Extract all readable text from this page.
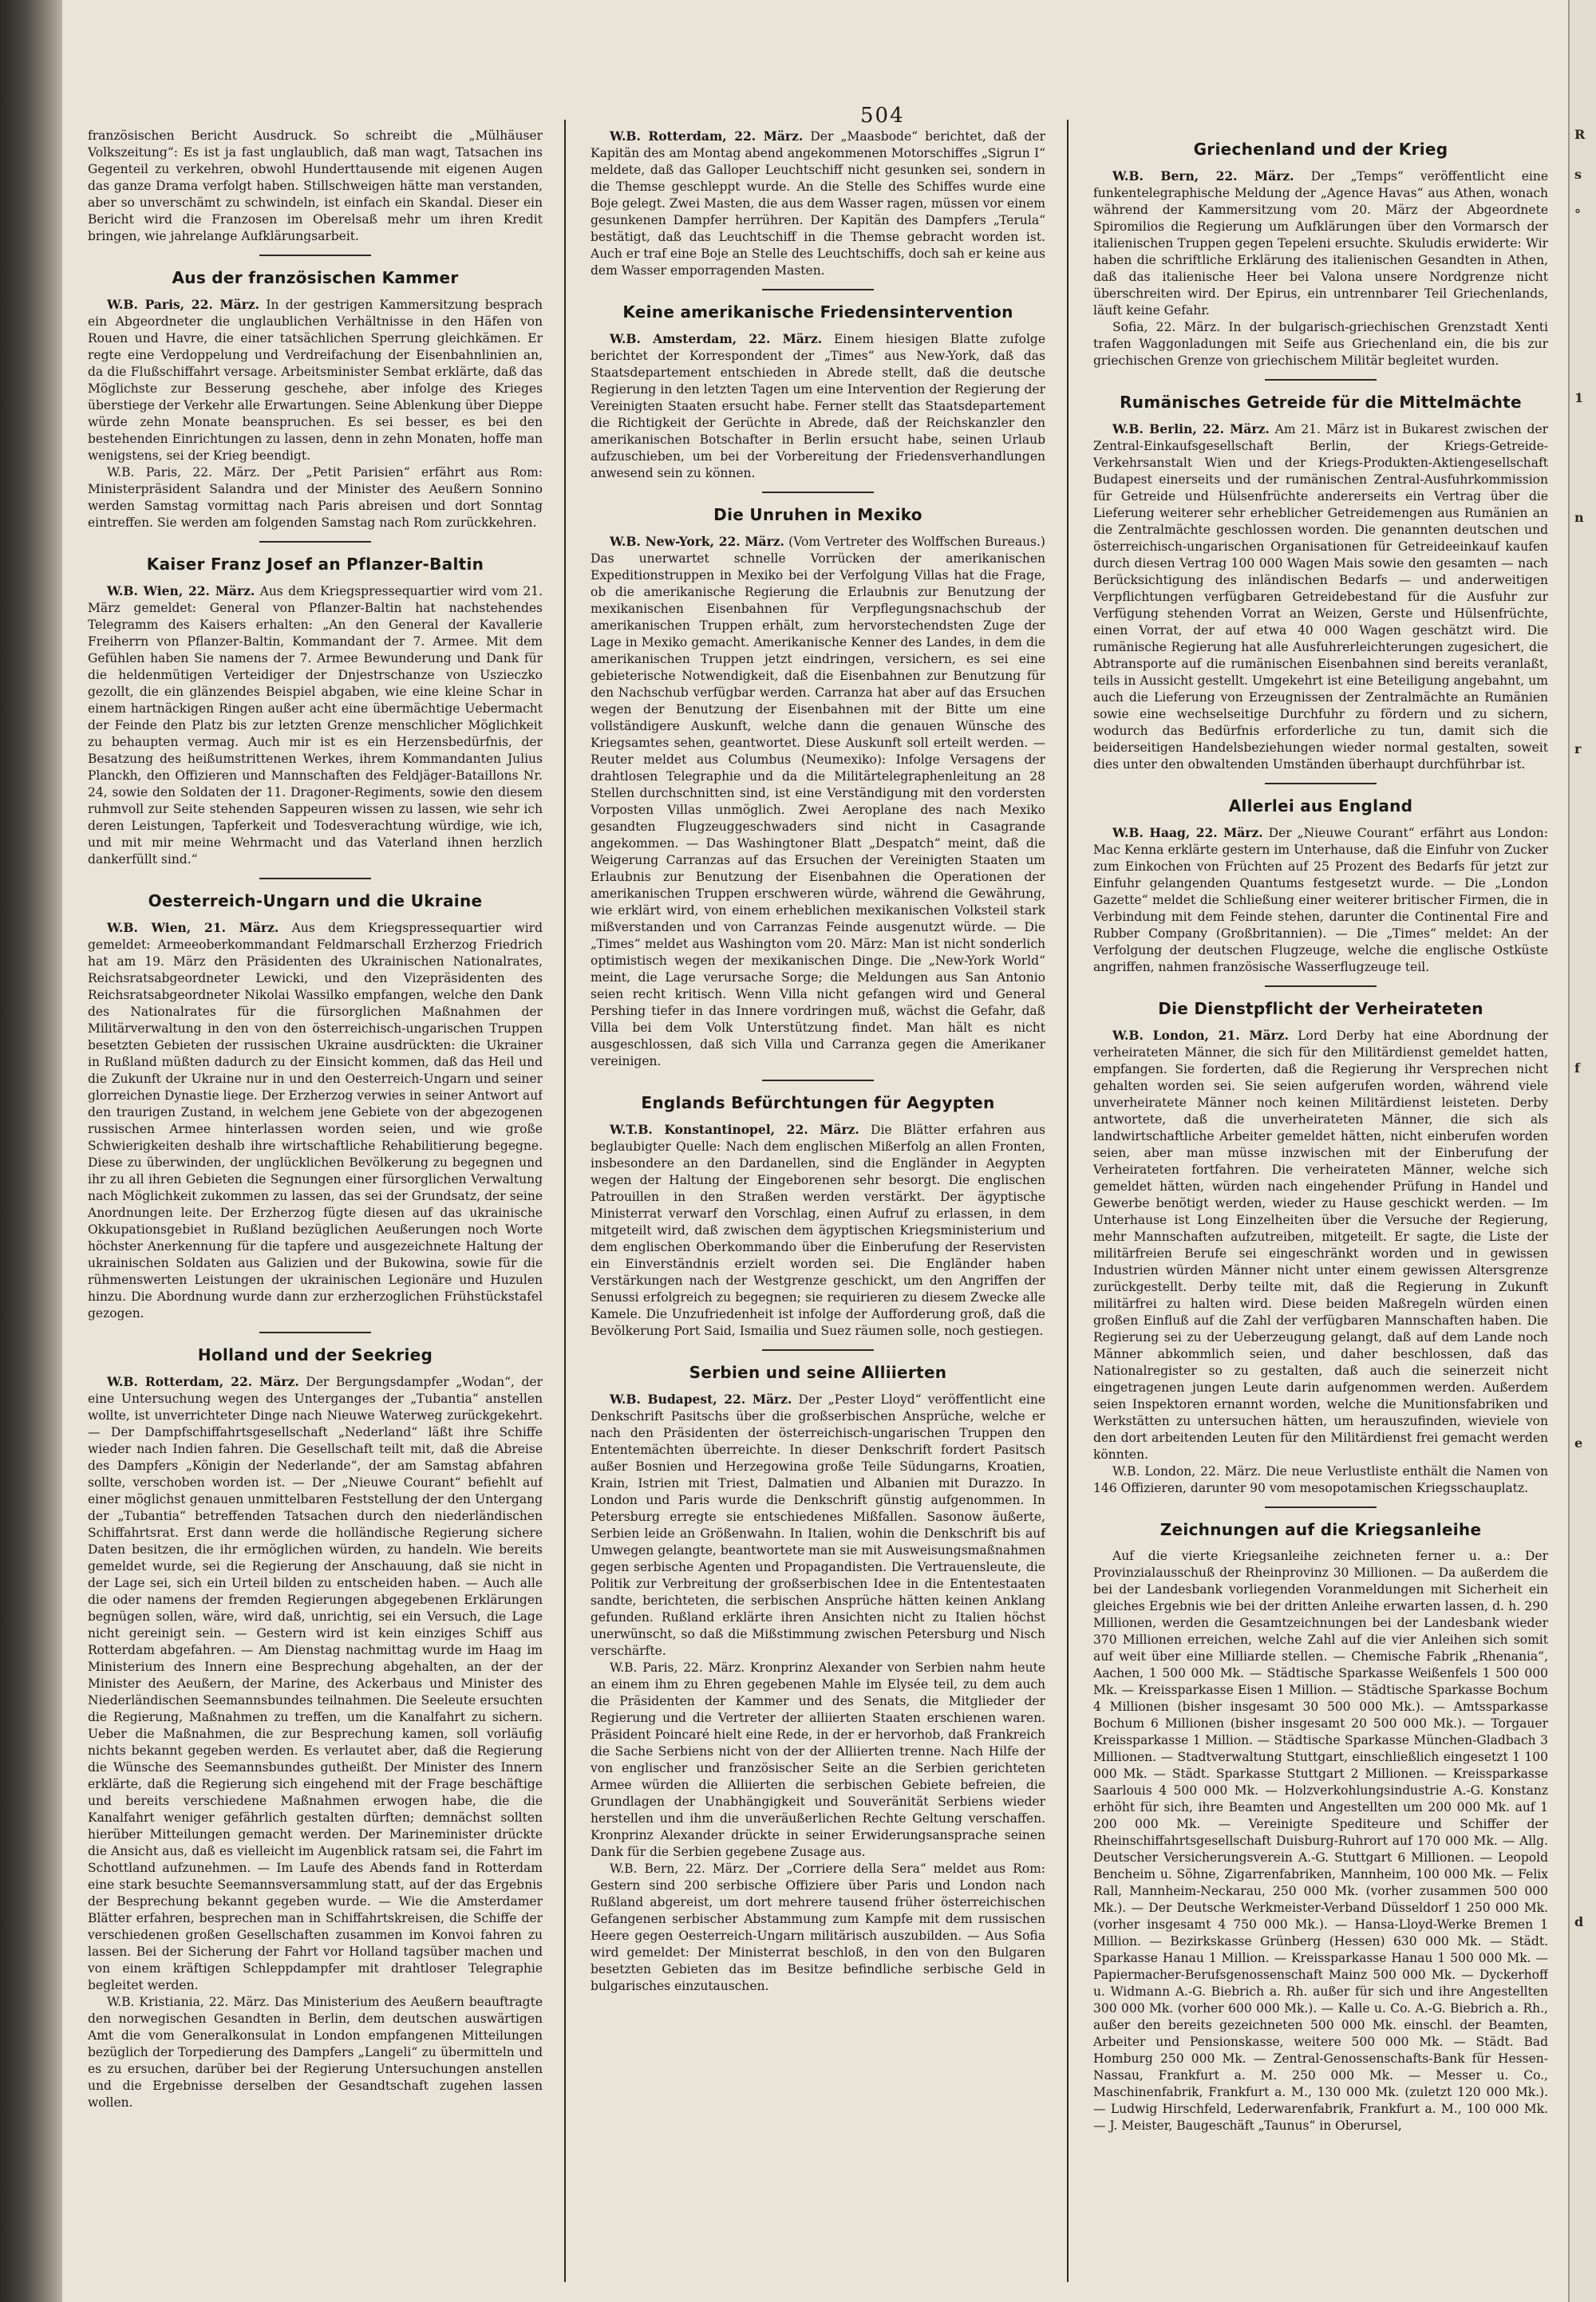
504

französischen Bericht Ausdruck. So schreibt die „Mülhäuser Volkszeitung“: Es ist ja fast unglaublich, daß man wagt, Tatsachen ins Gegenteil zu verkehren, obwohl Hunderttausende mit eigenen Augen das ganze Drama verfolgt haben. Stillschweigen hätte man verstanden, aber so unverschämt zu schwindeln, ist einfach ein Skandal. Dieser ein Bericht wird die Franzosen im Oberelsaß mehr um ihren Kredit bringen, wie jahrelange Aufklärungsarbeit.

Aus der französischen Kammer

W.B. Paris, 22. März. In der gestrigen Kammersitzung besprach ein Abgeordneter die unglaublichen Verhältnisse in den Häfen von Rouen und Havre, die einer tatsächlichen Sperrung gleichkämen. Er regte eine Verdoppelung und Verdreifachung der Eisenbahnlinien an, da die Flußschiffahrt versage. Arbeitsminister Sembat erklärte, daß das Möglichste zur Besserung geschehe, aber infolge des Krieges überstiege der Verkehr alle Erwartungen. Seine Ablenkung über Dieppe würde zehn Monate beanspruchen. Es sei besser, es bei den bestehenden Einrichtungen zu lassen, denn in zehn Monaten, hoffe man wenigstens, sei der Krieg beendigt.

W.B. Paris, 22. März. Der „Petit Parisien“ erfährt aus Rom: Ministerpräsident Salandra und der Minister des Aeußern Sonnino werden Samstag vormittag nach Paris abreisen und dort Sonntag eintreffen. Sie werden am folgenden Samstag nach Rom zurückkehren.

Kaiser Franz Josef an Pflanzer-Baltin

W.B. Wien, 22. März. Aus dem Kriegspressequartier wird vom 21. März gemeldet: General von Pflanzer-Baltin hat nachstehendes Telegramm des Kaisers erhalten: „An den General der Kavallerie Freiherrn von Pflanzer-Baltin, Kommandant der 7. Armee. Mit dem Gefühlen haben Sie namens der 7. Armee Bewunderung und Dank für die heldenmütigen Verteidiger der Dnjestrschanze von Uszieczko gezollt, die ein glänzendes Beispiel abgaben, wie eine kleine Schar in einem hartnäckigen Ringen außer acht eine übermächtige Uebermacht der Feinde den Platz bis zur letzten Grenze menschlicher Möglichkeit zu behaupten vermag. Auch mir ist es ein Herzensbedürfnis, der Besatzung des heißumstrittenen Werkes, ihrem Kommandanten Julius Planckh, den Offizieren und Mannschaften des Feldjäger-Bataillons Nr. 24, sowie den Soldaten der 11. Dragoner-Regiments, sowie den diesem ruhmvoll zur Seite stehenden Sappeuren wissen zu lassen, wie sehr ich deren Leistungen, Tapferkeit und Todesverachtung würdige, wie ich, und mit mir meine Wehrmacht und das Vaterland ihnen herzlich dankerfüllt sind.“

Oesterreich-Ungarn und die Ukraine

W.B. Wien, 21. März. Aus dem Kriegspressequartier wird gemeldet: Armeeoberkommandant Feldmarschall Erzherzog Friedrich hat am 19. März den Präsidenten des Ukrainischen Nationalrates, Reichsratsabgeordneter Lewicki, und den Vizepräsidenten des Reichsratsabgeordneter Nikolai Wassilko empfangen, welche den Dank des Nationalrates für die fürsorglichen Maßnahmen der Militärverwaltung in den von den österreichisch-ungarischen Truppen besetzten Gebieten der russischen Ukraine ausdrückten: die Ukrainer in Rußland müßten dadurch zu der Einsicht kommen, daß das Heil und die Zukunft der Ukraine nur in und den Oesterreich-Ungarn und seiner glorreichen Dynastie liege. Der Erzherzog verwies in seiner Antwort auf den traurigen Zustand, in welchem jene Gebiete von der abgezogenen russischen Armee hinterlassen worden seien, und wie große Schwierigkeiten deshalb ihre wirtschaftliche Rehabilitierung begegne. Diese zu überwinden, der unglücklichen Bevölkerung zu begegnen und ihr zu all ihren Gebieten die Segnungen einer fürsorglichen Verwaltung nach Möglichkeit zukommen zu lassen, das sei der Grundsatz, der seine Anordnungen leite. Der Erzherzog fügte diesen auf das ukrainische Okkupationsgebiet in Rußland bezüglichen Aeußerungen noch Worte höchster Anerkennung für die tapfere und ausgezeichnete Haltung der ukrainischen Soldaten aus Galizien und der Bukowina, sowie für die rühmenswerten Leistungen der ukrainischen Legionäre und Huzulen hinzu. Die Abordnung wurde dann zur erzherzoglichen Frühstückstafel gezogen.

Holland und der Seekrieg

W.B. Rotterdam, 22. März. Der Bergungsdampfer „Wodan“, der eine Untersuchung wegen des Unterganges der „Tubantia“ anstellen wollte, ist unverrichteter Dinge nach Nieuwe Waterweg zurückgekehrt. — Der Dampfschiffahrtsgesellschaft „Nederland“ läßt ihre Schiffe wieder nach Indien fahren. Die Gesellschaft teilt mit, daß die Abreise des Dampfers „Königin der Nederlande“, der am Samstag abfahren sollte, verschoben worden ist. — Der „Nieuwe Courant“ befiehlt auf einer möglichst genauen unmittelbaren Feststellung der den Untergang der „Tubantia“ betreffenden Tatsachen durch den niederländischen Schiffahrtsrat. Erst dann werde die holländische Regierung sichere Daten besitzen, die ihr ermöglichen würden, zu handeln. Wie bereits gemeldet wurde, sei die Regierung der Anschauung, daß sie nicht in der Lage sei, sich ein Urteil bilden zu entscheiden haben. — Auch alle die oder namens der fremden Regierungen abgegebenen Erklärungen begnügen sollen, wäre, wird daß, unrichtig, sei ein Versuch, die Lage nicht gereinigt sein. — Gestern wird ist kein einziges Schiff aus Rotterdam abgefahren. — Am Dienstag nachmittag wurde im Haag im Ministerium des Innern eine Besprechung abgehalten, an der der Minister des Aeußern, der Marine, des Ackerbaus und Minister des Niederländischen Seemannsbundes teilnahmen. Die Seeleute ersuchten die Regierung, Maßnahmen zu treffen, um die Kanalfahrt zu sichern. Ueber die Maßnahmen, die zur Besprechung kamen, soll vorläufig nichts bekannt gegeben werden. Es verlautet aber, daß die Regierung die Wünsche des Seemannsbundes gutheißt. Der Minister des Innern erklärte, daß die Regierung sich eingehend mit der Frage beschäftige und bereits verschiedene Maßnahmen erwogen habe, die die Kanalfahrt weniger gefährlich gestalten dürften; demnächst sollten hierüber Mitteilungen gemacht werden. Der Marineminister drückte die Ansicht aus, daß es vielleicht im Augenblick ratsam sei, die Fahrt im Schottland aufzunehmen. — Im Laufe des Abends fand in Rotterdam eine stark besuchte Seemannsversammlung statt, auf der das Ergebnis der Besprechung bekannt gegeben wurde. — Wie die Amsterdamer Blätter erfahren, besprechen man in Schiffahrtskreisen, die Schiffe der verschiedenen großen Gesellschaften zusammen im Konvoi fahren zu lassen. Bei der Sicherung der Fahrt vor Holland tagsüber machen und von einem kräftigen Schleppdampfer mit drahtloser Telegraphie begleitet werden.

W.B. Kristiania, 22. März. Das Ministerium des Aeußern beauftragte den norwegischen Gesandten in Berlin, dem deutschen auswärtigen Amt die vom Generalkonsulat in London empfangenen Mitteilungen bezüglich der Torpedierung des Dampfers „Langeli“ zu übermitteln und es zu ersuchen, darüber bei der Regierung Untersuchungen anstellen und die Ergebnisse derselben der Gesandtschaft zugehen lassen wollen.

W.B. Rotterdam, 22. März. Der „Maasbode“ berichtet, daß der Kapitän des am Montag abend angekommenen Motorschiffes „Sigrun I“ meldete, daß das Galloper Leuchtschiff nicht gesunken sei, sondern in die Themse geschleppt wurde. An die Stelle des Schiffes wurde eine Boje gelegt. Zwei Masten, die aus dem Wasser ragen, müssen vor einem gesunkenen Dampfer herrühren. Der Kapitän des Dampfers „Terula“ bestätigt, daß das Leuchtschiff in die Themse gebracht worden ist. Auch er traf eine Boje an Stelle des Leuchtschiffs, doch sah er keine aus dem Wasser emporragenden Masten.

Keine amerikanische Friedensintervention

W.B. Amsterdam, 22. März. Einem hiesigen Blatte zufolge berichtet der Korrespondent der „Times“ aus New-York, daß das Staatsdepartement entschieden in Abrede stellt, daß die deutsche Regierung in den letzten Tagen um eine Intervention der Regierung der Vereinigten Staaten ersucht habe. Ferner stellt das Staatsdepartement die Richtigkeit der Gerüchte in Abrede, daß der Reichskanzler den amerikanischen Botschafter in Berlin ersucht habe, seinen Urlaub aufzuschieben, um bei der Vorbereitung der Friedensverhandlungen anwesend sein zu können.

Die Unruhen in Mexiko

W.B. New-York, 22. März. (Vom Vertreter des Wolffschen Bureaus.) Das unerwartet schnelle Vorrücken der amerikanischen Expeditionstruppen in Mexiko bei der Verfolgung Villas hat die Frage, ob die amerikanische Regierung die Erlaubnis zur Benutzung der mexikanischen Eisenbahnen für Verpflegungsnachschub der amerikanischen Truppen erhält, zum hervorstechendsten Zuge der Lage in Mexiko gemacht. Amerikanische Kenner des Landes, in dem die amerikanischen Truppen jetzt eindringen, versichern, es sei eine gebieterische Notwendigkeit, daß die Eisenbahnen zur Benutzung für den Nachschub verfügbar werden. Carranza hat aber auf das Ersuchen wegen der Benutzung der Eisenbahnen mit der Bitte um eine vollständigere Auskunft, welche dann die genauen Wünsche des Kriegsamtes sehen, geantwortet. Diese Auskunft soll erteilt werden. — Reuter meldet aus Columbus (Neumexiko): Infolge Versagens der drahtlosen Telegraphie und da die Militärtelegraphenleitung an 28 Stellen durchschnitten sind, ist eine Verständigung mit den vordersten Vorposten Villas unmöglich. Zwei Aeroplane des nach Mexiko gesandten Flugzeuggeschwaders sind nicht in Casagrande angekommen. — Das Washingtoner Blatt „Despatch“ meint, daß die Weigerung Carranzas auf das Ersuchen der Vereinigten Staaten um Erlaubnis zur Benutzung der Eisenbahnen die Operationen der amerikanischen Truppen erschweren würde, während die Gewährung, wie erklärt wird, von einem erheblichen mexikanischen Volksteil stark mißverstanden und von Carranzas Feinde ausgenutzt würde. — Die „Times“ meldet aus Washington vom 20. März: Man ist nicht sonderlich optimistisch wegen der mexikanischen Dinge. Die „New-York World“ meint, die Lage verursache Sorge; die Meldungen aus San Antonio seien recht kritisch. Wenn Villa nicht gefangen wird und General Pershing tiefer in das Innere vordringen muß, wächst die Gefahr, daß Villa bei dem Volk Unterstützung findet. Man hält es nicht ausgeschlossen, daß sich Villa und Carranza gegen die Amerikaner vereinigen.

Englands Befürchtungen für Aegypten

W.T.B. Konstantinopel, 22. März. Die Blätter erfahren aus beglaubigter Quelle: Nach dem englischen Mißerfolg an allen Fronten, insbesondere an den Dardanellen, sind die Engländer in Aegypten wegen der Haltung der Eingeborenen sehr besorgt. Die englischen Patrouillen in den Straßen werden verstärkt. Der ägyptische Ministerrat verwarf den Vorschlag, einen Aufruf zu erlassen, in dem mitgeteilt wird, daß zwischen dem ägyptischen Kriegsministerium und dem englischen Oberkommando über die Einberufung der Reservisten ein Einverständnis erzielt worden sei. Die Engländer haben Verstärkungen nach der Westgrenze geschickt, um den Angriffen der Senussi erfolgreich zu begegnen; sie requirieren zu diesem Zwecke alle Kamele. Die Unzufriedenheit ist infolge der Aufforderung groß, daß die Bevölkerung Port Said, Ismailia und Suez räumen solle, noch gestiegen.

Serbien und seine Alliierten

W.B. Budapest, 22. März. Der „Pester Lloyd“ veröffentlicht eine Denkschrift Pasitschs über die großserbischen Ansprüche, welche er nach den Präsidenten der österreichisch-ungarischen Truppen den Ententemächten überreichte. In dieser Denkschrift fordert Pasitsch außer Bosnien und Herzegowina große Teile Südungarns, Kroatien, Krain, Istrien mit Triest, Dalmatien und Albanien mit Durazzo. In London und Paris wurde die Denkschrift günstig aufgenommen. In Petersburg erregte sie entschiedenes Mißfallen. Sasonow äußerte, Serbien leide an Größenwahn. In Italien, wohin die Denkschrift bis auf Umwegen gelangte, beantwortete man sie mit Ausweisungsmaßnahmen gegen serbische Agenten und Propagandisten. Die Vertrauensleute, die Politik zur Verbreitung der großserbischen Idee in die Ententestaaten sandte, berichteten, die serbischen Ansprüche hätten keinen Anklang gefunden. Rußland erklärte ihren Ansichten nicht zu Italien höchst unerwünscht, so daß die Mißstimmung zwischen Petersburg und Nisch verschärfte.

W.B. Paris, 22. März. Kronprinz Alexander von Serbien nahm heute an einem ihm zu Ehren gegebenen Mahle im Elysée teil, zu dem auch die Präsidenten der Kammer und des Senats, die Mitglieder der Regierung und die Vertreter der alliierten Staaten erschienen waren. Präsident Poincaré hielt eine Rede, in der er hervorhob, daß Frankreich die Sache Serbiens nicht von der der Alliierten trenne. Nach Hilfe der von englischer und französischer Seite an die Serbien gerichteten Armee würden die Alliierten die serbischen Gebiete befreien, die Grundlagen der Unabhängigkeit und Souveränität Serbiens wieder herstellen und ihm die unveräußerlichen Rechte Geltung verschaffen. Kronprinz Alexander drückte in seiner Erwiderungsansprache seinen Dank für die Serbien gegebene Zusage aus.

W.B. Bern, 22. März. Der „Corriere della Sera“ meldet aus Rom: Gestern sind 200 serbische Offiziere über Paris und London nach Rußland abgereist, um dort mehrere tausend früher österreichischen Gefangenen serbischer Abstammung zum Kampfe mit dem russischen Heere gegen Oesterreich-Ungarn militärisch auszubilden. — Aus Sofia wird gemeldet: Der Ministerrat beschloß, in den von den Bulgaren besetzten Gebieten das im Besitze befindliche serbische Geld in bulgarisches einzutauschen.

Griechenland und der Krieg

W.B. Bern, 22. März. Der „Temps“ veröffentlicht eine funkentelegraphische Meldung der „Agence Havas“ aus Athen, wonach während der Kammersitzung vom 20. März der Abgeordnete Spiromilios die Regierung um Aufklärungen über den Vormarsch der italienischen Truppen gegen Tepeleni ersuchte. Skuludis erwiderte: Wir haben die schriftliche Erklärung des italienischen Gesandten in Athen, daß das italienische Heer bei Valona unsere Nordgrenze nicht überschreiten wird. Der Epirus, ein untrennbarer Teil Griechenlands, läuft keine Gefahr.

Sofia, 22. März. In der bulgarisch-griechischen Grenzstadt Xenti trafen Waggonladungen mit Seife aus Griechenland ein, die bis zur griechischen Grenze von griechischem Militär begleitet wurden.

Rumänisches Getreide für die Mittelmächte

W.B. Berlin, 22. März. Am 21. März ist in Bukarest zwischen der Zentral-Einkaufsgesellschaft Berlin, der Kriegs-Getreide-Verkehrsanstalt Wien und der Kriegs-Produkten-Aktiengesellschaft Budapest einerseits und der rumänischen Zentral-Ausfuhrkommission für Getreide und Hülsenfrüchte andererseits ein Vertrag über die Lieferung weiterer sehr erheblicher Getreidemengen aus Rumänien an die Zentralmächte geschlossen worden. Die genannten deutschen und österreichisch-ungarischen Organisationen für Getreideeinkauf kaufen durch diesen Vertrag 100 000 Wagen Mais sowie den gesamten — nach Berücksichtigung des inländischen Bedarfs — und anderweitigen Verpflichtungen verfügbaren Getreidebestand für die Ausfuhr zur Verfügung stehenden Vorrat an Weizen, Gerste und Hülsenfrüchte, einen Vorrat, der auf etwa 40 000 Wagen geschätzt wird. Die rumänische Regierung hat alle Ausfuhrerleichterungen zugesichert, die Abtransporte auf die rumänischen Eisenbahnen sind bereits veranlaßt, teils in Aussicht gestellt. Umgekehrt ist eine Beteiligung angebahnt, um auch die Lieferung von Erzeugnissen der Zentralmächte an Rumänien sowie eine wechselseitige Durchfuhr zu fördern und zu sichern, wodurch das Bedürfnis erforderliche zu tun, damit sich die beiderseitigen Handelsbeziehungen wieder normal gestalten, soweit dies unter den obwaltenden Umständen überhaupt durchführbar ist.

Allerlei aus England

W.B. Haag, 22. März. Der „Nieuwe Courant“ erfährt aus London: Mac Kenna erklärte gestern im Unterhause, daß die Einfuhr von Zucker zum Einkochen von Früchten auf 25 Prozent des Bedarfs für jetzt zur Einfuhr gelangenden Quantums festgesetzt wurde. — Die „London Gazette“ meldet die Schließung einer weiterer britischer Firmen, die in Verbindung mit dem Feinde stehen, darunter die Continental Fire and Rubber Company (Großbritannien). — Die „Times“ meldet: An der Verfolgung der deutschen Flugzeuge, welche die englische Ostküste angriffen, nahmen französische Wasserflugzeuge teil.

Die Dienstpflicht der Verheirateten

W.B. London, 21. März. Lord Derby hat eine Abordnung der verheirateten Männer, die sich für den Militärdienst gemeldet hatten, empfangen. Sie forderten, daß die Regierung ihr Versprechen nicht gehalten worden sei. Sie seien aufgerufen worden, während viele unverheiratete Männer noch keinen Militärdienst leisteten. Derby antwortete, daß die unverheirateten Männer, die sich als landwirtschaftliche Arbeiter gemeldet hätten, nicht einberufen worden seien, aber man müsse inzwischen mit der Einberufung der Verheirateten fortfahren. Die verheirateten Männer, welche sich gemeldet hätten, würden nach eingehender Prüfung in Handel und Gewerbe benötigt werden, wieder zu Hause geschickt werden. — Im Unterhause ist Long Einzelheiten über die Versuche der Regierung, mehr Mannschaften aufzutreiben, mitgeteilt. Er sagte, die Liste der militärfreien Berufe sei eingeschränkt worden und in gewissen Industrien würden Männer nicht unter einem gewissen Altersgrenze zurückgestellt. Derby teilte mit, daß die Regierung in Zukunft militärfrei zu halten wird. Diese beiden Maßregeln würden einen großen Einfluß auf die Zahl der verfügbaren Mannschaften haben. Die Regierung sei zu der Ueberzeugung gelangt, daß auf dem Lande noch Männer abkommlich seien, und daher beschlossen, daß das Nationalregister so zu gestalten, daß auch die seinerzeit nicht eingetragenen jungen Leute darin aufgenommen werden. Außerdem seien Inspektoren ernannt worden, welche die Munitionsfabriken und Werkstätten zu untersuchen hätten, um herauszufinden, wieviele von den dort arbeitenden Leuten für den Militärdienst frei gemacht werden könnten.

W.B. London, 22. März. Die neue Verlustliste enthält die Namen von 146 Offizieren, darunter 90 vom mesopotamischen Kriegsschauplatz.

Zeichnungen auf die Kriegsanleihe

Auf die vierte Kriegsanleihe zeichneten ferner u. a.: Der Provinzialausschuß der Rheinprovinz 30 Millionen. — Da außerdem die bei der Landesbank vorliegenden Voranmeldungen mit Sicherheit ein gleiches Ergebnis wie bei der dritten Anleihe erwarten lassen, d. h. 290 Millionen, werden die Gesamtzeichnungen bei der Landesbank wieder 370 Millionen erreichen, welche Zahl auf die vier Anleihen sich somit auf weit über eine Milliarde stellen. — Chemische Fabrik „Rhenania“, Aachen, 1 500 000 Mk. — Städtische Sparkasse Weißenfels 1 500 000 Mk. — Kreissparkasse Eisen 1 Million. — Städtische Sparkasse Bochum 4 Millionen (bisher insgesamt 30 500 000 Mk.). — Amtssparkasse Bochum 6 Millionen (bisher insgesamt 20 500 000 Mk.). — Torgauer Kreissparkasse 1 Million. — Städtische Sparkasse München-Gladbach 3 Millionen. — Stadtverwaltung Stuttgart, einschließlich eingesetzt 1 100 000 Mk. — Städt. Sparkasse Stuttgart 2 Millionen. — Kreissparkasse Saarlouis 4 500 000 Mk. — Holzverkohlungsindustrie A.-G. Konstanz erhöht für sich, ihre Beamten und Angestellten um 200 000 Mk. auf 1 200 000 Mk. — Vereinigte Spediteure und Schiffer der Rheinschiffahrtsgesellschaft Duisburg-Ruhrort auf 170 000 Mk. — Allg. Deutscher Versicherungsverein A.-G. Stuttgart 6 Millionen. — Leopold Bencheim u. Söhne, Zigarrenfabriken, Mannheim, 100 000 Mk. — Felix Rall, Mannheim-Neckarau, 250 000 Mk. (vorher zusammen 500 000 Mk.). — Der Deutsche Werkmeister-Verband Düsseldorf 1 250 000 Mk. (vorher insgesamt 4 750 000 Mk.). — Hansa-Lloyd-Werke Bremen 1 Million. — Bezirkskasse Grünberg (Hessen) 630 000 Mk. — Städt. Sparkasse Hanau 1 Million. — Kreissparkasse Hanau 1 500 000 Mk. — Papiermacher-Berufsgenossenschaft Mainz 500 000 Mk. — Dyckerhoff u. Widmann A.-G. Biebrich a. Rh. außer für sich und ihre Angestellten 300 000 Mk. (vorher 600 000 Mk.). — Kalle u. Co. A.-G. Biebrich a. Rh., außer den bereits gezeichneten 500 000 Mk. einschl. der Beamten, Arbeiter und Pensionskasse, weitere 500 000 Mk. — Städt. Bad Homburg 250 000 Mk. — Zentral-Genossenschafts-Bank für Hessen-Nassau, Frankfurt a. M. 250 000 Mk. — Messer u. Co., Maschinenfabrik, Frankfurt a. M., 130 000 Mk. (zuletzt 120 000 Mk.). — Ludwig Hirschfeld, Lederwarenfabrik, Frankfurt a. M., 100 000 Mk. — J. Meister, Baugeschäft „Taunus“ in Oberursel,

R
s
°
1
n
r
f
e
d
